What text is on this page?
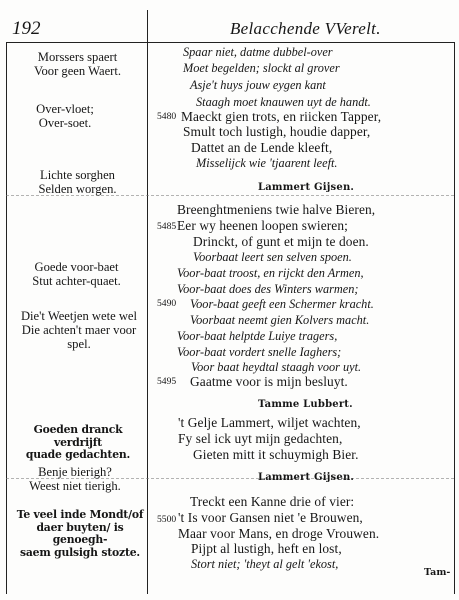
192	Belacchende VVerelt.
Morssers spaert
Voor geen Waert.
Over-vloet;
Over-soet.
Lichte sorghen
Selden worgen.
Goede voor-baet
Stut achter-quaet.
Die't Weetjen wete wel
Die achten't maer voor
spel.
Goeden dranck verdrijft
quade gedachten.
Benje bierigh?
Weest niet tierigh.
Te veel inde Mondt/of
daer buyten/ is genoegh-
saem gulsigh stozte.
5480
5485
5490
5495
5500
Spaar niet, datme dubbel-over
Moet begelden; slockt al grover
Asje't huys jouw eygen kant
Staagh moet knauwen uyt de handt.
Maeckt gien trots, en riicken Tapper,
Smult toch lustigh, houdie dapper,
Dattet an de Lende kleeft,
Misselijck wie 'tjaarent leeft.
Lammert Gijsen.
Breenghtmeniens twie halve Bieren,
Eer wy heenen loopen swieren;
Drinckt, of gunt et mijn te doen.
Voorbaat leert sen selven spoen.
Voor-baat troost, en rijckt den Armen,
Voor-baat does des Winters warmen;
Voor-baat geeft een Schermer kracht.
Voorbaat neemt gien Kolvers macht.
Voor-baat helptde Luiye tragers,
Voor-baat vordert snelle Iaghers;
Voor baat heydtal staagh voor uyt.
Gaatme voor is mijn besluyt.
Tamme Lubbert.
't Gelje Lammert, wiljet wachten,
Fy sel ick uyt mijn gedachten,
Gieten mitt it schuymigh Bier.
Lammert Gijsen.
Treckt een Kanne drie of vier:
't Is voor Gansen niet 'e Brouwen,
Maar voor Mans, en droge Vrouwen.
Pijpt al lustigh, heft en lost,
Stort niet; 'theyt al gelt 'ekost,
Tam-
